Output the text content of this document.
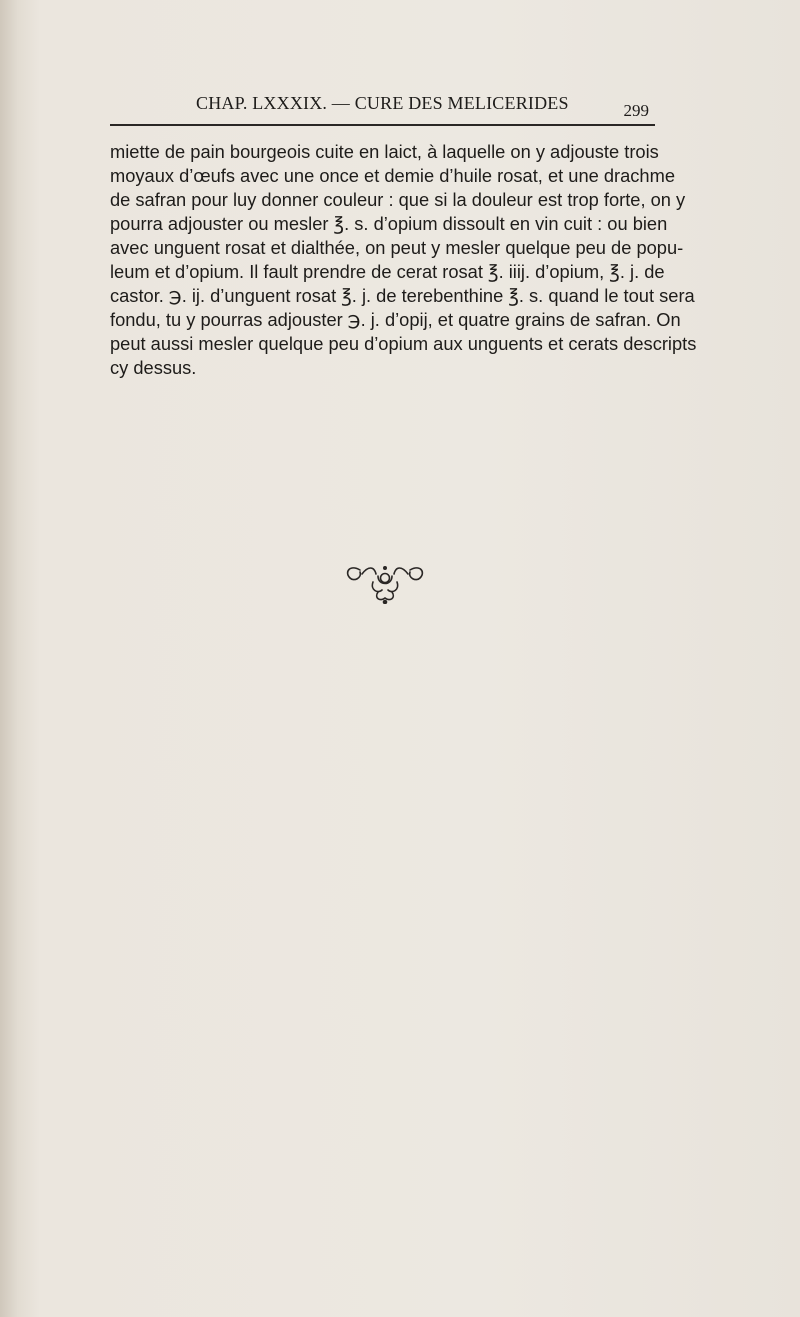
CHAP. LXXXIX. — CURE DES MELICERIDES	299
miette de pain bourgeois cuite en laict, à laquelle on y adjouste trois
moyaux d’œufs avec une once et demie d’huile rosat, et une drachme
de safran pour luy donner couleur : que si la douleur est trop forte, on y
pourra adjouster ou mesler ℥. s. d’opium dissoult en vin cuit : ou bien
avec unguent rosat et dialthée, on peut y mesler quelque peu de popu-
leum et d’opium. Il fault prendre de cerat rosat ℥. iiij. d’opium, ℥. j. de
castor. ℈. ij. d’unguent rosat ℥. j. de terebenthine ℥. s. quand le tout sera
fondu, tu y pourras adjouster ℈. j. d’opij, et quatre grains de safran. On
peut aussi mesler quelque peu d’opium aux unguents et cerats descripts
cy dessus.
